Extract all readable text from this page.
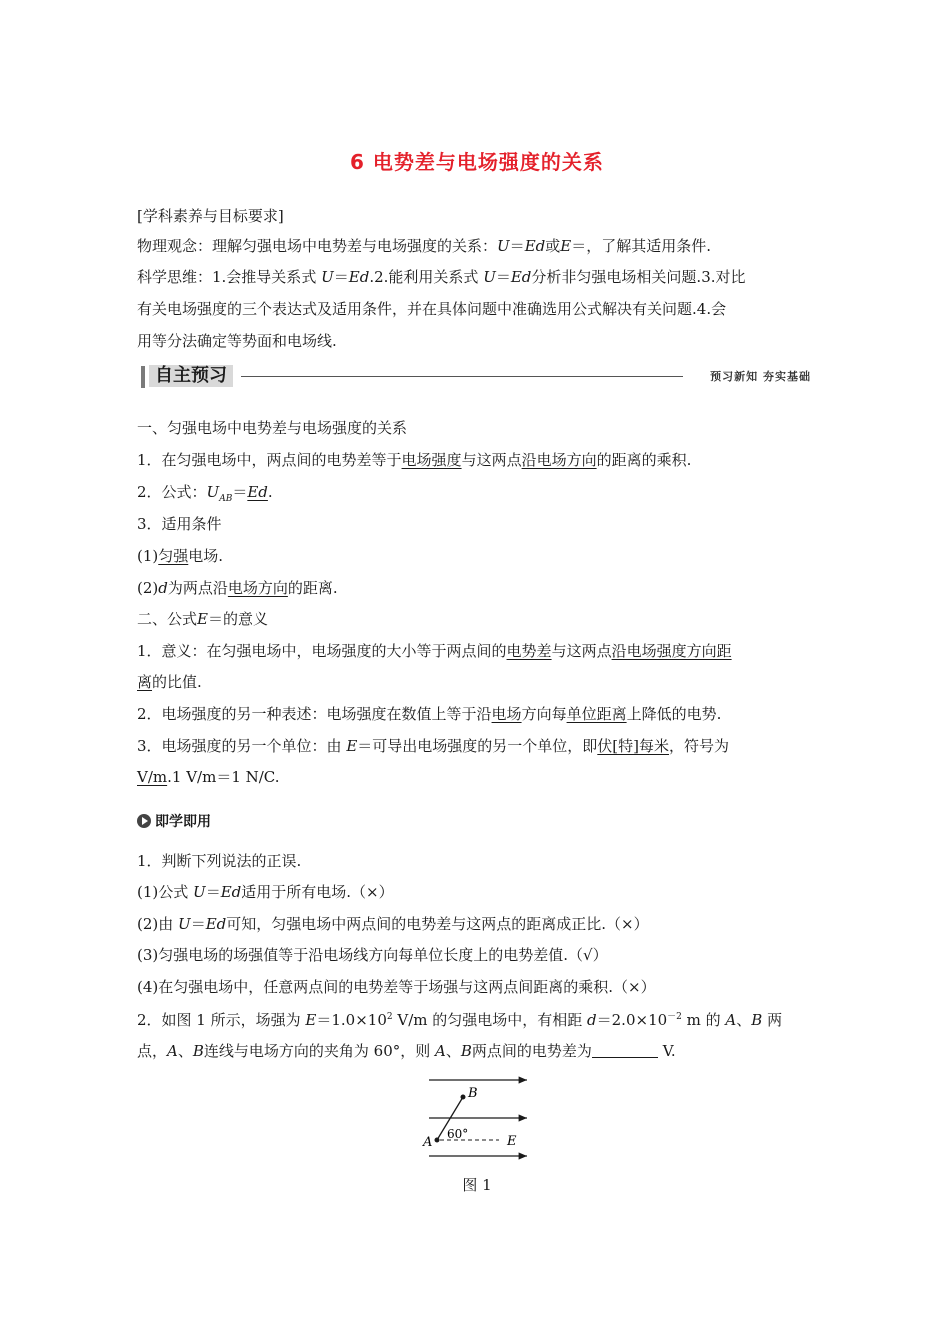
6 电势差与电场强度的关系
[学科素养与目标要求]
物理观念：理解匀强电场中电势差与电场强度的关系：U＝Ed或E＝，了解其适用条件.
科学思维：1.会推导关系式 U＝Ed.2.能利用关系式 U＝Ed分析非匀强电场相关问题.3.对比
有关电场强度的三个表达式及适用条件，并在具体问题中准确选用公式解决有关问题.4.会
用等分法确定等势面和电场线.
自主预习	预习新知 夯实基础
一、匀强电场中电势差与电场强度的关系
1．在匀强电场中，两点间的电势差等于电场强度与这两点沿电场方向的距离的乘积.
2．公式：$U_{AB}=Ed$.
3．适用条件
(1)匀强电场.
(2)d为两点沿电场方向的距离.
二、公式E＝的意义
1．意义：在匀强电场中，电场强度的大小等于两点间的电势差与这两点沿电场强度方向距
离的比值.
2．电场强度的另一种表述：电场强度在数值上等于沿电场方向每单位距离上降低的电势.
3．电场强度的另一个单位：由 E＝可导出电场强度的另一个单位，即伏[特]每米，符号为
V/m.1 V/m＝1 N/C.
即学即用
1．判断下列说法的正误.
(1)公式 U＝Ed适用于所有电场.（×）
(2)由 U＝Ed可知，匀强电场中两点间的电势差与这两点的距离成正比.（×）
(3)匀强电场的场强值等于沿电场线方向每单位长度上的电势差值.（√）
(4)在匀强电场中，任意两点间的电势差等于场强与这两点间距离的乘积.（×）
2．如图 1 所示，场强为 $E=1.0\times 10^2$ V/m 的匀强电场中，有相距 $d=2.0\times 10^{-2}$ m 的 A、B 两
点，A、B连线与电场方向的夹角为 60°，则 A、B两点间的电势差为	V.
B
A
60°	E
图 1
